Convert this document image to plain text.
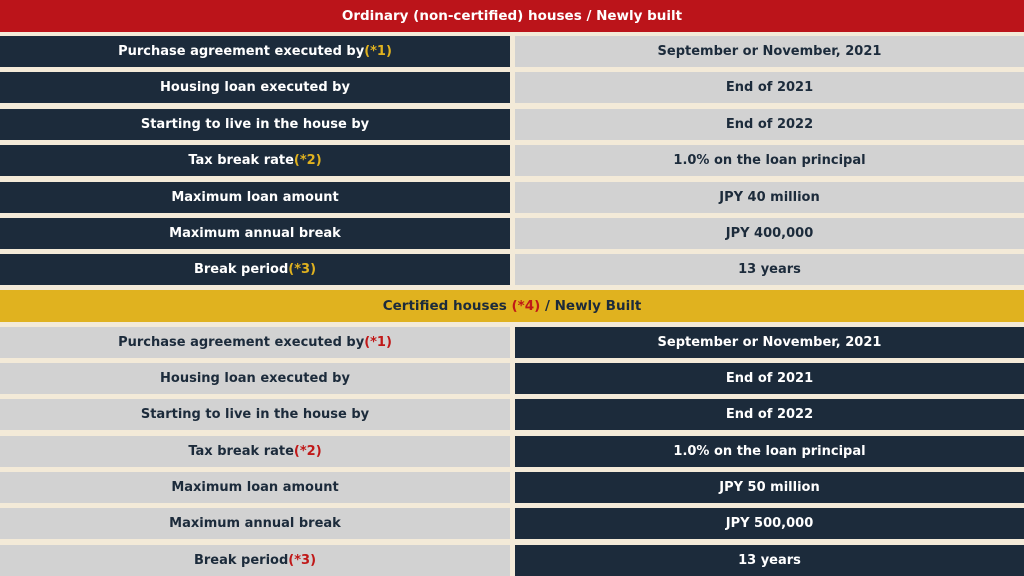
Ordinary (non-certified) houses / Newly built
Purchase agreement executed by (*1)	September or November, 2021
Housing loan executed by	End of 2021
Starting to live in the house by	End of 2022
Tax break rate (*2)	1.0% on the loan principal
Maximum loan amount	JPY 40 million
Maximum annual break	JPY 400,000
Break period (*3)	13 years
Certified houses (*4) / Newly Built
Purchase agreement executed by (*1)	September or November, 2021
Housing loan executed by	End of 2021
Starting to live in the house by	End of 2022
Tax break rate (*2)	1.0% on the loan principal
Maximum loan amount	JPY 50 million
Maximum annual break	JPY 500,000
Break period (*3)	13 years
